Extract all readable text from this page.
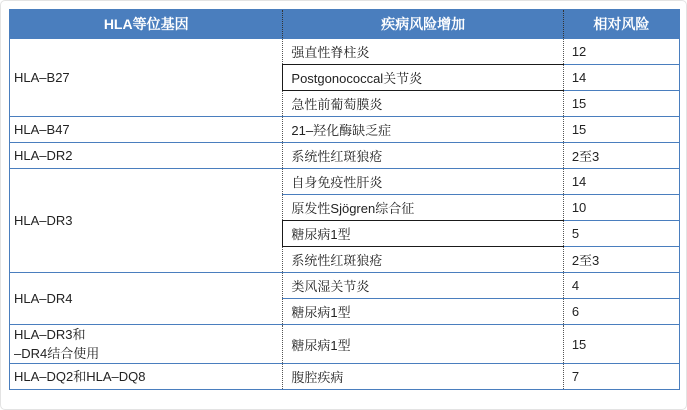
HLA等位基因	疾病风险增加	相对风险
HLA–B27	强直性脊柱炎	12
	Postgonococcal关节炎	14
	急性前葡萄膜炎	15
HLA–B47	21–羟化酶缺乏症	15
HLA–DR2	系统性红斑狼疮	2至3
HLA–DR3	自身免疫性肝炎	14
	原发性Sjögren综合征	10
	糖尿病1型	5
	系统性红斑狼疮	2至3
HLA–DR4	类风湿关节炎	4
	糖尿病1型	6
HLA–DR3和
–DR4结合使用	糖尿病1型	15
HLA–DQ2和HLA–DQ8	腹腔疾病	7
